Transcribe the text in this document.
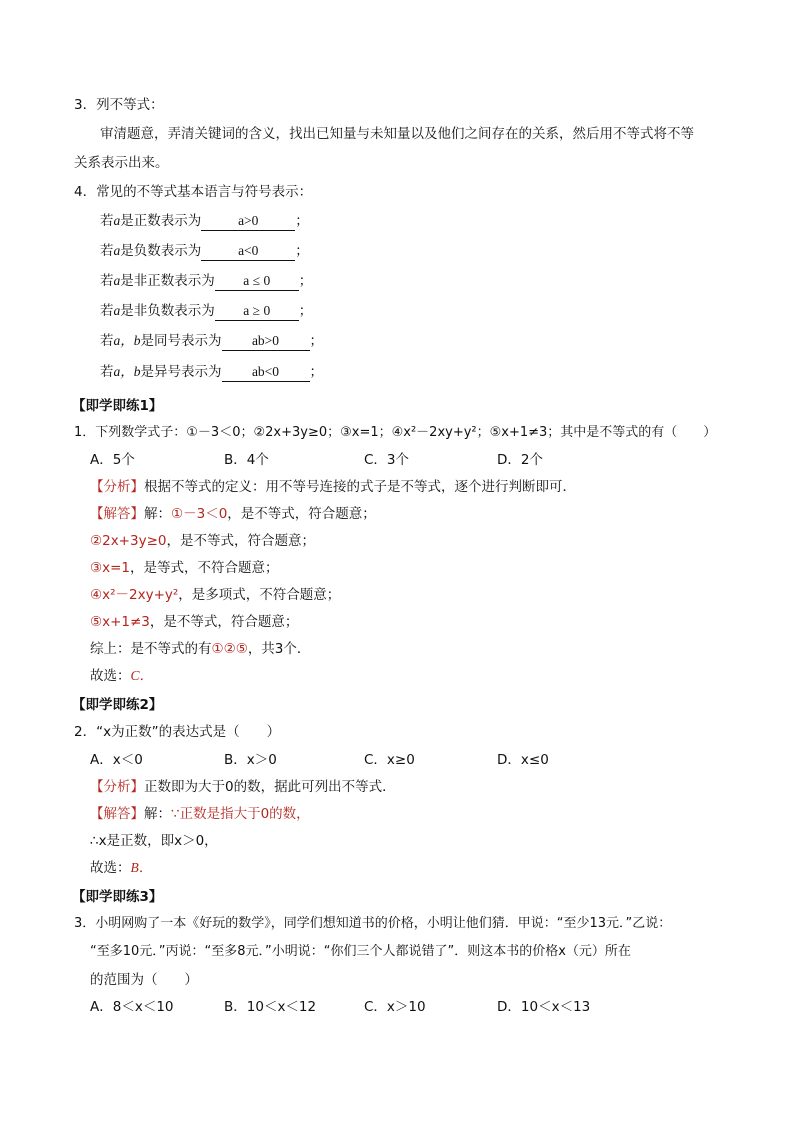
3．列不等式：
审清题意，弄清关键词的含义，找出已知量与未知量以及他们之间存在的关系，然后用不等式将不等
关系表示出来。
4．常见的不等式基本语言与符号表示：
若a是正数表示为	a>0	；
若a是负数表示为	a<0	；
若a是非正数表示为 a ≤ 0 ；
若a是非负数表示为 a ≥ 0 ；
若a，b是同号表示为 ab>0 ；
若a，b是异号表示为 ab<0 ；
【即学即练1】
1．下列数学式子：①－3＜0；②2x+3y≥0；③x=1；④x²－2xy+y²；⑤x+1≠3；其中是不等式的有（　　）
A．5个	B．4个	C．3个	D．2个
【分析】根据不等式的定义：用不等号连接的式子是不等式，逐个进行判断即可．
【解答】解：①－3＜0，是不等式，符合题意；
②2x+3y≥0，是不等式，符合题意；
③x=1，是等式，不符合题意；
④x²－2xy+y²，是多项式，不符合题意；
⑤x+1≠3，是不等式，符合题意；
综上：是不等式的有①②⑤，共3个．
故选：C．
【即学即练2】
2．“x为正数”的表达式是（　　）
A．x＜0	B．x＞0	C．x≥0	D．x≤0
【分析】正数即为大于0的数，据此可列出不等式．
【解答】解：∵正数是指大于0的数，
∴x是正数，即x＞0，
故选：B．
【即学即练3】
3．小明网购了一本《好玩的数学》，同学们想知道书的价格，小明让他们猜．甲说：“至少13元．”乙说：
“至多10元．”丙说：“至多8元．”小明说：“你们三个人都说错了”．则这本书的价格x（元）所在
的范围为（　　）
A．8＜x＜10	B．10＜x＜12	C．x＞10	D．10＜x＜13
